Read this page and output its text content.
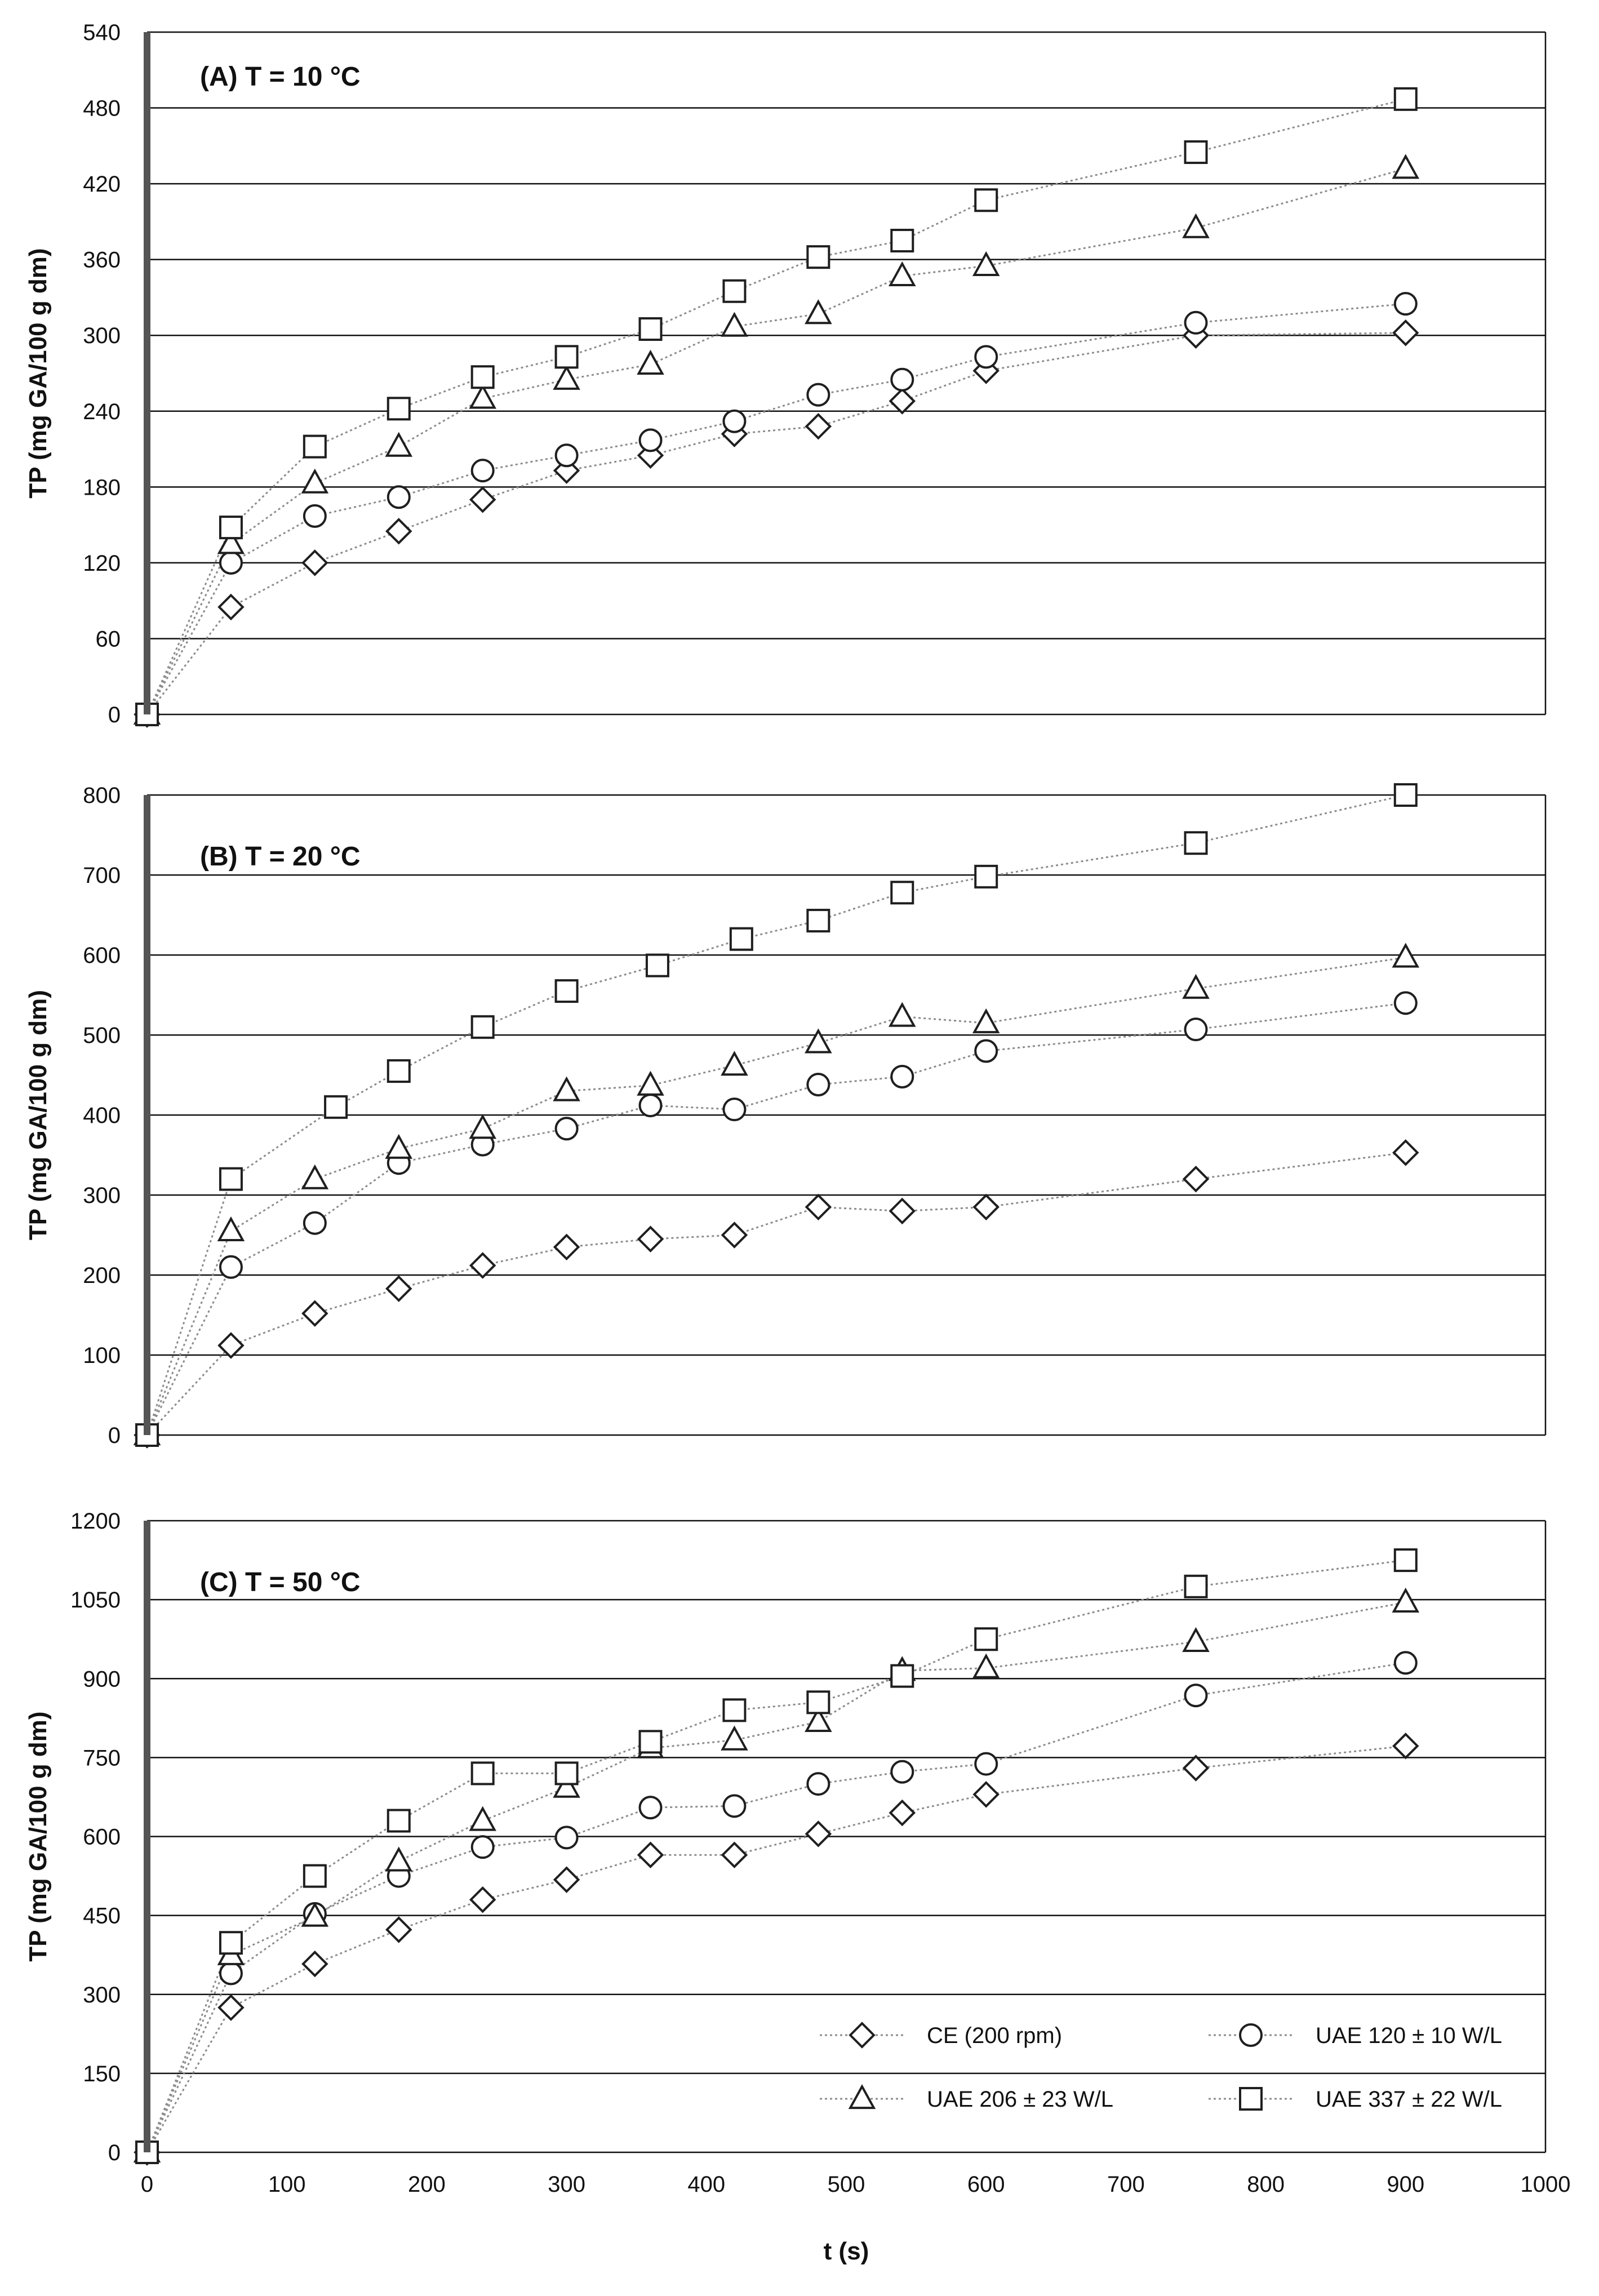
0
60
120
180
240
300
360
420
480
540
TP (mg GA/100 g dm)
(A) T = 10 °C
0
100
200
300
400
500
600
700
800
TP (mg GA/100 g dm)
(B) T = 20 °C
0
150
300
450
600
750
900
1050
1200
TP (mg GA/100 g dm)
(C) T = 50 °C
0	100	200	300	400	500	600	700	800	900	1000
t (s)
CE (200 rpm)	UAE 120 ± 10 W/L
UAE 206 ± 23 W/L	UAE 337 ± 22 W/L
